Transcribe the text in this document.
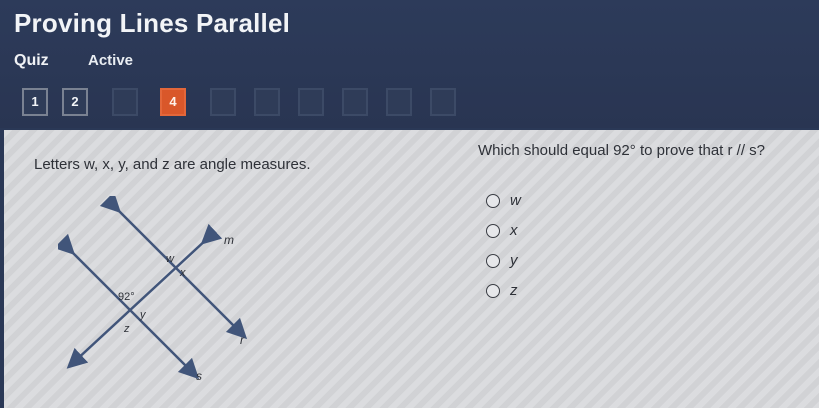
Proving Lines Parallel
Quiz	Active
1	2	4
Letters w, x, y, and z are angle measures.
Which should equal 92° to prove that r // s?
w
x
y
z
m
r
s
w
x
92°
y
z
